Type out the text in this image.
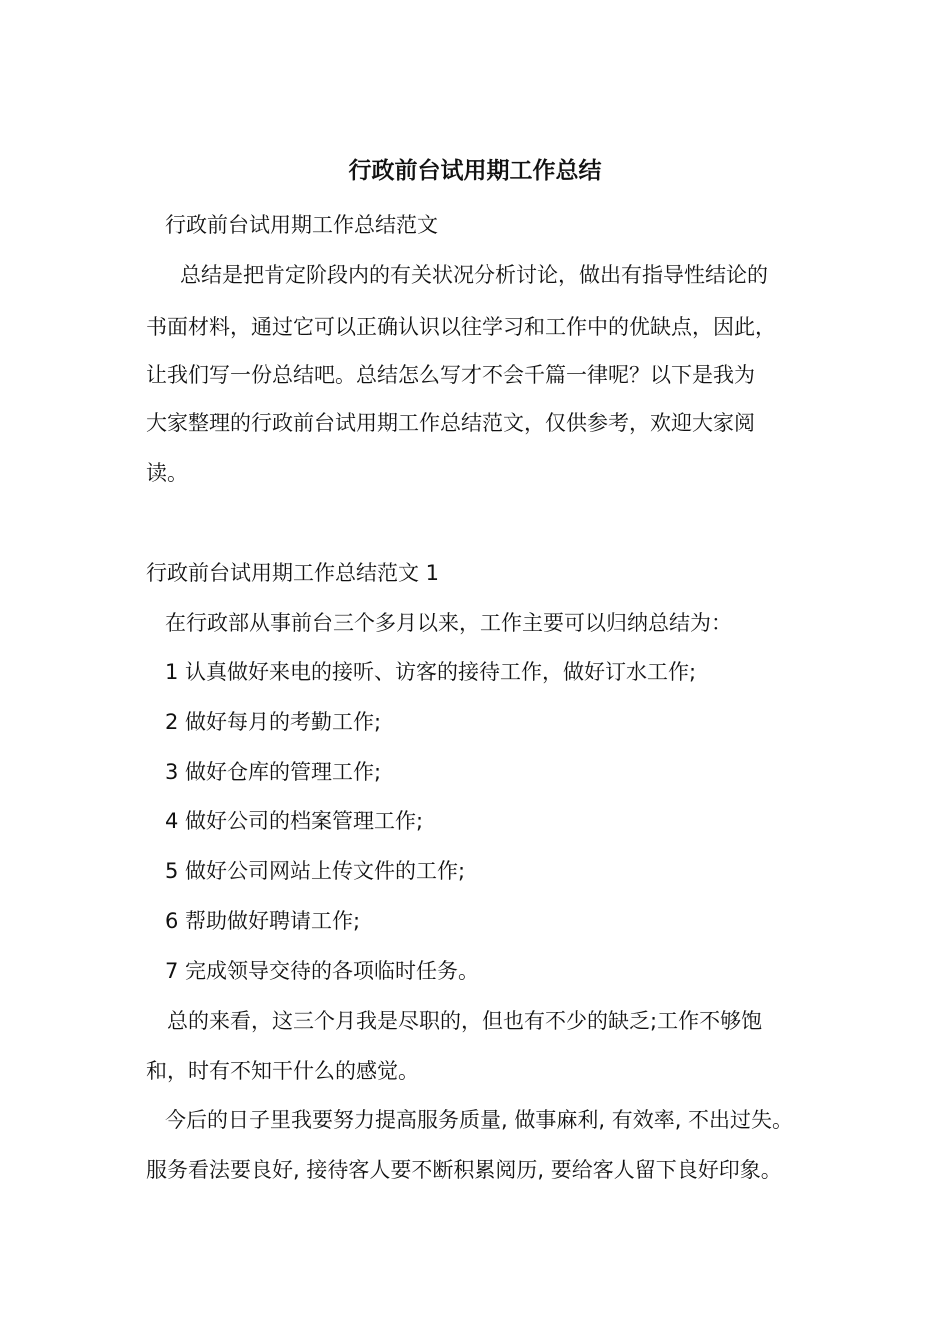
行政前台试用期工作总结
行政前台试用期工作总结范文
总结是把肯定阶段内的有关状况分析讨论，做出有指导性结论的
书面材料，通过它可以正确认识以往学习和工作中的优缺点，因此，
让我们写一份总结吧。总结怎么写才不会千篇一律呢？以下是我为
大家整理的行政前台试用期工作总结范文，仅供参考，欢迎大家阅
读。
行政前台试用期工作总结范文 1
在行政部从事前台三个多月以来，工作主要可以归纳总结为：
1 认真做好来电的接听、访客的接待工作，做好订水工作;
2 做好每月的考勤工作;
3 做好仓库的管理工作;
4 做好公司的档案管理工作;
5 做好公司网站上传文件的工作;
6 帮助做好聘请工作;
7 完成领导交待的各项临时任务。
总的来看，这三个月我是尽职的，但也有不少的缺乏;工作不够饱
和，时有不知干什么的感觉。
今后的日子里我要努力提高服务质量, 做事麻利, 有效率, 不出过失。
服务看法要良好, 接待客人要不断积累阅历, 要给客人留下良好印象。
